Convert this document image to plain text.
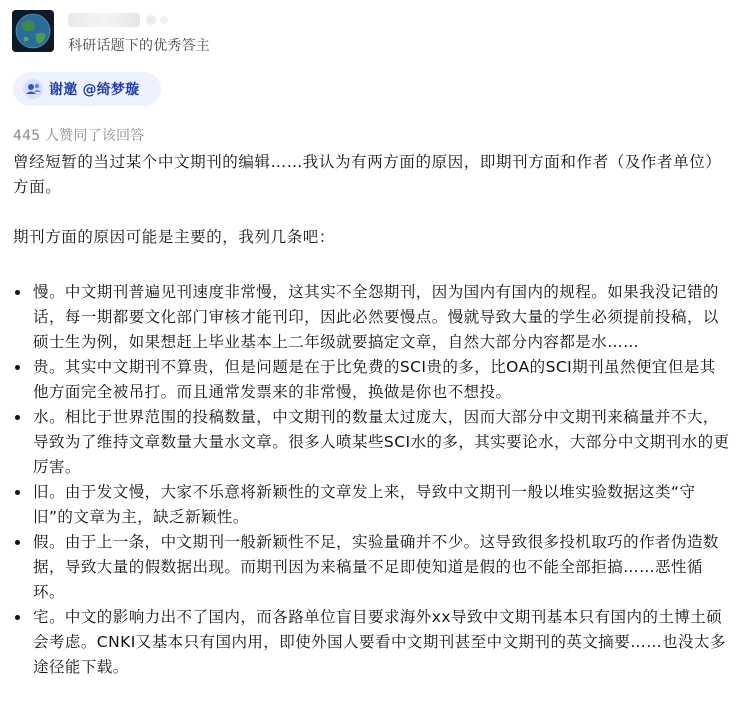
科研话题下的优秀答主
谢邀 @绮梦璇
445 人赞同了该回答

曾经短暂的当过某个中文期刊的编辑……我认为有两方面的原因，即期刊方面和作者（及作者单位）方面。

期刊方面的原因可能是主要的，我列几条吧：

慢。中文期刊普遍见刊速度非常慢，这其实不全怨期刊，因为国内有国内的规程。如果我没记错的话，每一期都要文化部门审核才能刊印，因此必然要慢点。慢就导致大量的学生必须提前投稿，以硕士生为例，如果想赶上毕业基本上二年级就要搞定文章，自然大部分内容都是水……
贵。其实中文期刊不算贵，但是问题是在于比免费的SCI贵的多，比OA的SCI期刊虽然便宜但是其他方面完全被吊打。而且通常发票来的非常慢，换做是你也不想投。
水。相比于世界范围的投稿数量，中文期刊的数量太过庞大，因而大部分中文期刊来稿量并不大，导致为了维持文章数量大量水文章。很多人喷某些SCI水的多，其实要论水，大部分中文期刊水的更厉害。
旧。由于发文慢，大家不乐意将新颖性的文章发上来，导致中文期刊一般以堆实验数据这类“守旧”的文章为主，缺乏新颖性。
假。由于上一条，中文期刊一般新颖性不足，实验量确并不少。这导致很多投机取巧的作者伪造数据，导致大量的假数据出现。而期刊因为来稿量不足即使知道是假的也不能全部拒搞……恶性循环。
宅。中文的影响力出不了国内，而各路单位盲目要求海外xx导致中文期刊基本只有国内的土博土硕会考虑。CNKI又基本只有国内用，即使外国人要看中文期刊甚至中文期刊的英文摘要……也没太多途径能下载。
